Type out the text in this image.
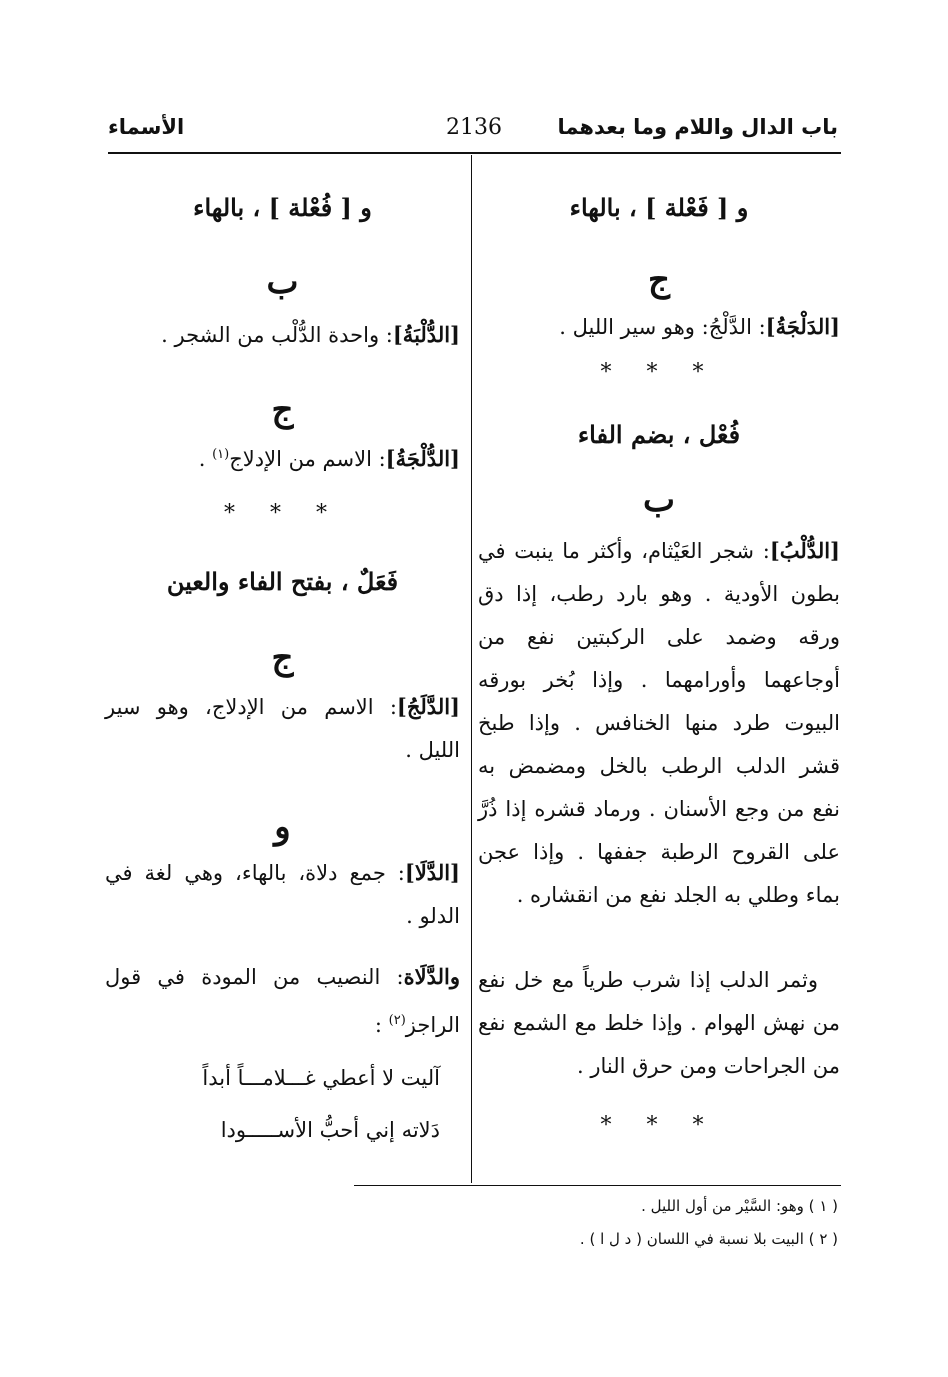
باب الدال واللام وما بعدهما
2136
الأسماء
و [ فَعْلة ] ، بالهاء
ج
[الدَلْجَةُ]: الدَّلْجُ: وهو سير الليل .
* * *
فُعْل ، بضم الفاء
ب
[الدُّلْبُ]: شجر العَيْثام، وأكثر ما ينبت في بطون الأودية . وهو بارد رطب، إذا دق ورقه وضمد على الركبتين نفع من أوجاعهما وأورامهما . وإذا بُخر بورقه البيوت طرد منها الخنافس . وإذا طبخ قشر الدلب الرطب بالخل ومضمض به نفع من وجع الأسنان . ورماد قشره إذا ذُرَّ على القروح الرطبة جففها . وإذا عجن بماء وطلي به الجلد نفع من انقشاره .
وثمر الدلب إذا شرب طرياً مع خل نفع من نهش الهوام . وإذا خلط مع الشمع نفع من الجراحات ومن حرق النار .
* * *
و [ فُعْلة ] ، بالهاء
ب
[الدُّلْبَةُ]: واحدة الدُّلْب من الشجر .
ج
[الدُّلْجَةُ]: الاسم من الإدلاج$^{(١)}$ .
* * *
فَعَلٌ ، بفتح الفاء والعين
ج
[الدَّلَجُ]: الاسم من الإدلاج، وهو سير الليل .
و
[الدَّلَا]: جمع دلاة، بالهاء، وهي لغة في الدلو .
والدَّلَاة: النصيب من المودة في قول الراجز$^{(٢)}$ :
آليت لا أعطي غـــلامـــاً أبداً
دَلاته إني أحبُّ الأســـــودا
( ١ ) وهو: السَّيْر من أول الليل .
( ٢ ) البيت بلا نسبة في اللسان ( د ل ا ) .
